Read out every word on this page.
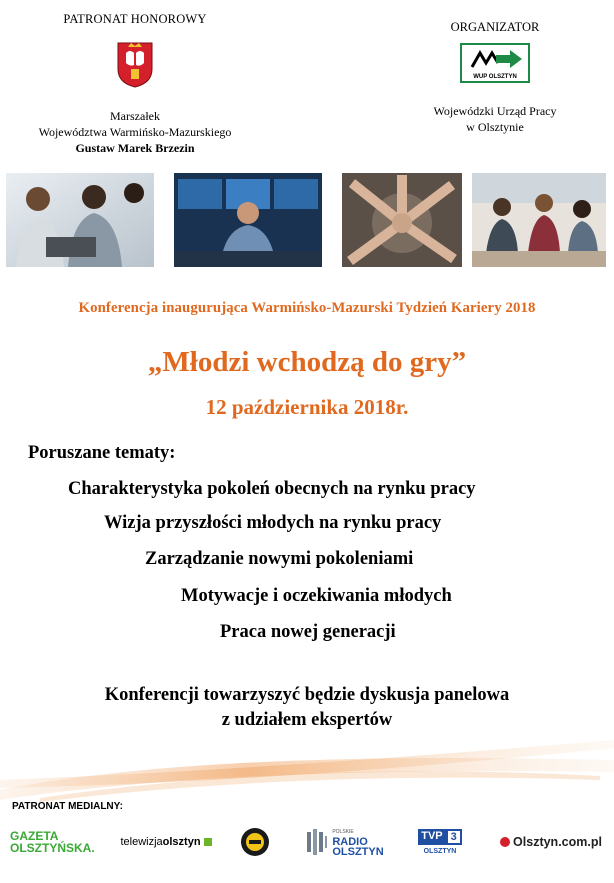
PATRONAT HONOROWY
Marszałek
Województwa Warmińsko-Mazurskiego
Gustaw Marek Brzezin
ORGANIZATOR
WUP OLSZTYN
Wojewódzki Urząd Pracy
w Olsztynie
Konferencja inaugurująca Warmińsko-Mazurski Tydzień Kariery 2018
„Młodzi wchodzą do gry”
12 października 2018r.
Poruszane tematy:
Charakterystyka pokoleń obecnych na rynku pracy
Wizja przyszłości młodych na rynku pracy
Zarządzanie nowymi pokoleniami
Motywacje i oczekiwania młodych
Praca nowej generacji
Konferencji towarzyszyć będzie dyskusja panelowa
z udziałem ekspertów
PATRONAT MEDIALNY:
GAZETA
OLSZTYŃSKA. telewizja olsztyn
POLSKIE
RADIO
OLSZTYN
TVP 3
OLSZTYN
Olsztyn.com.pl
